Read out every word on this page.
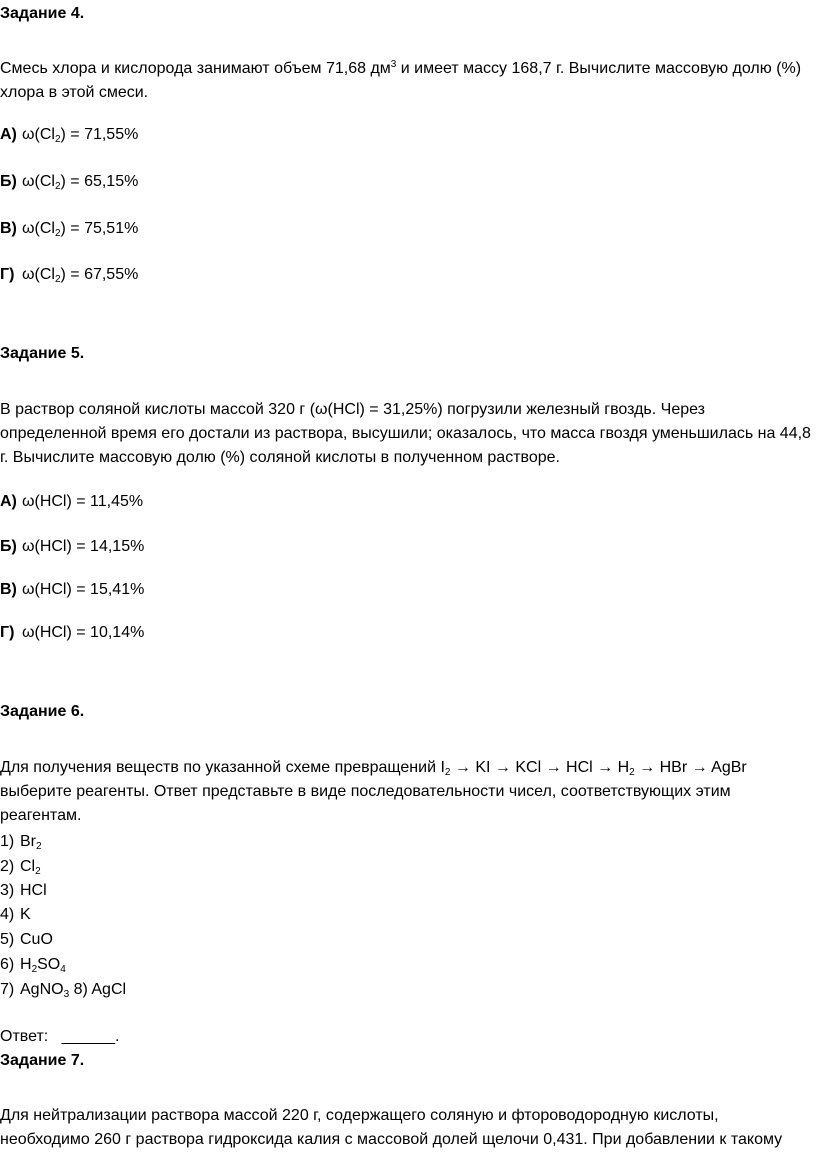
Задание 4.
Смесь хлора и кислорода занимают объем 71,68 $дм^3$ и имеет массу 168,7 г. Вычислите массовую долю (%)
хлора в этой смеси.
А) $\omega(Cl_2) = 71,55\%$
Б) $\omega(Cl_2) = 65,15\%$
В) $\omega(Cl_2) = 75,51\%$
Г) $\omega(Cl_2) = 67,55\%$
Задание 5.
В раствор соляной кислоты массой 320 г (ω(HCl) = 31,25%) погрузили железный гвоздь. Через
определенной время его достали из раствора, высушили; оказалось, что масса гвоздя уменьшилась на 44,8
г. Вычислите массовую долю (%) соляной кислоты в полученном растворе.
А) ω(HCl) = 11,45%
Б) ω(HCl) = 14,15%
В) ω(HCl) = 15,41%
Г) ω(HCl) = 10,14%
Задание 6.
Для получения веществ по указанной схеме превращений $I_2$ → KI → KCl → HCl → $H_2$ → HBr → AgBr
выберите реагенты. Ответ представьте в виде последовательности чисел, соответствующих этим
реагентам.
1) $Br_2$
2) $Cl_2$
3) HCl
4) K
5) CuO
6) $H_2SO_4$
7) AgNO$_3$ 8) AgCl
Ответ: ______.
Задание 7.
Для нейтрализации раствора массой 220 г, содержащего соляную и фтороводородную кислоты,
необходимо 260 г раствора гидроксида калия с массовой долей щелочи 0,431. При добавлении к такому
